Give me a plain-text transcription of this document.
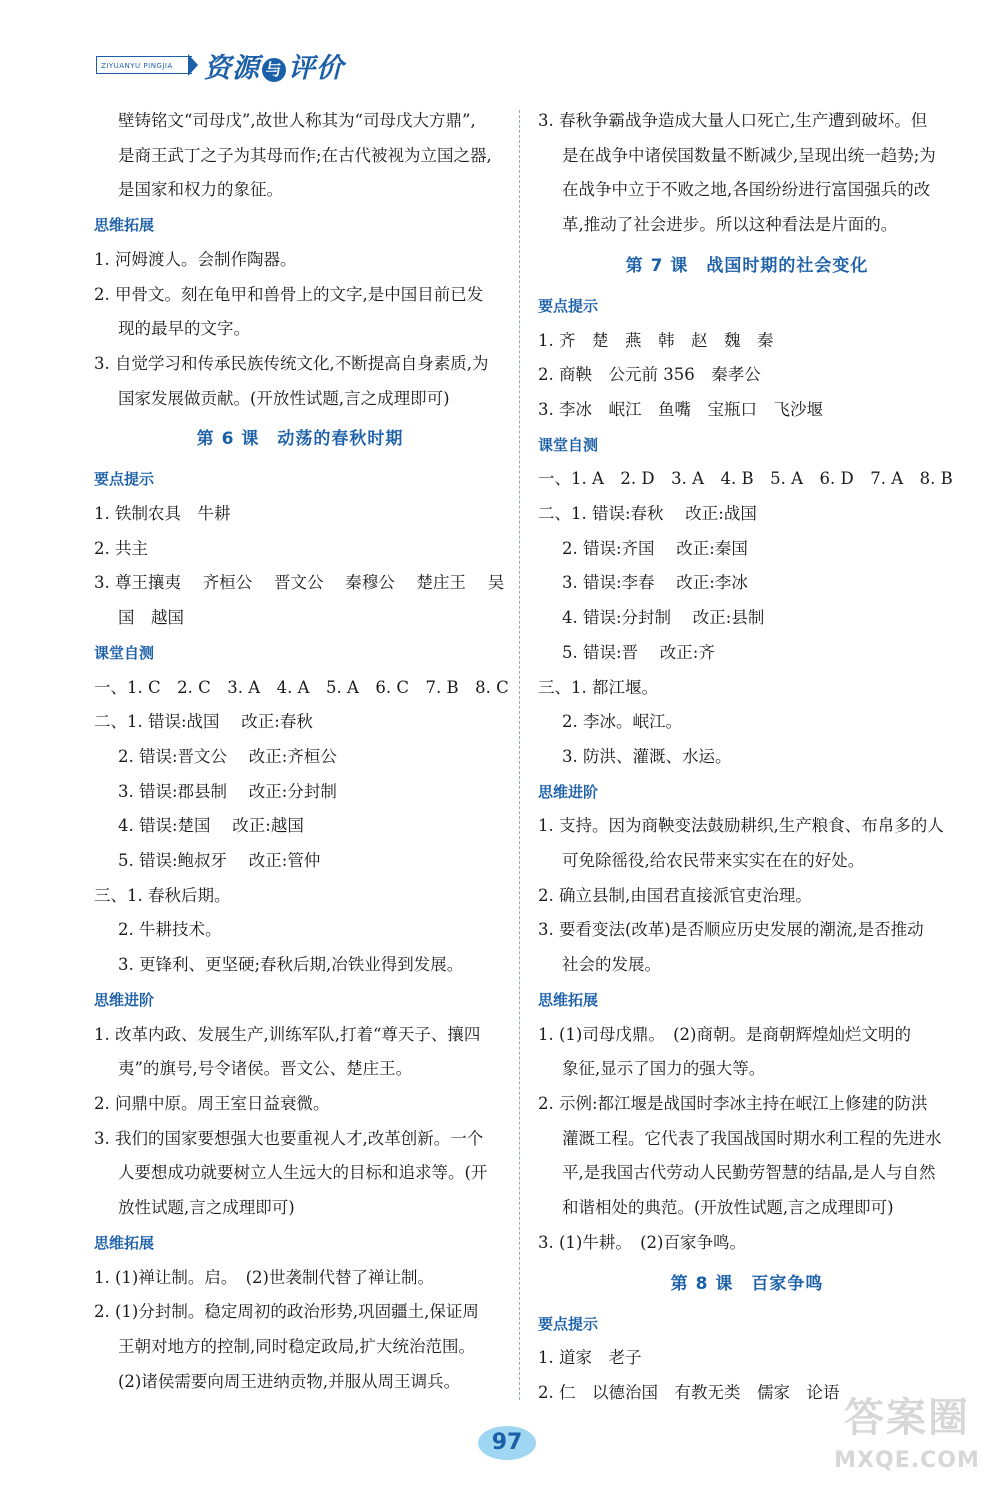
ZIYUANYU PINGJIA	资源 与 评价
壁铸铭文“司母戊”,故世人称其为“司母戊大方鼎”,
是商王武丁之子为其母而作;在古代被视为立国之器,
是国家和权力的象征。
思维拓展
1. 河姆渡人。会制作陶器。
2. 甲骨文。刻在龟甲和兽骨上的文字,是中国目前已发
现的最早的文字。
3. 自觉学习和传承民族传统文化,不断提高自身素质,为
国家发展做贡献。(开放性试题,言之成理即可)
第 6 课　动荡的春秋时期
要点提示
1. 铁制农具　牛耕
2. 共主
3. 尊王攘夷　 齐桓公　 晋文公　 秦穆公　 楚庄王　 吴
国　越国
课堂自测
一、1. C　2. C　3. A　4. A　5. A　6. C　7. B　8. C
二、1. 错误:战国　 改正:春秋
2. 错误:晋文公　 改正:齐桓公
3. 错误:郡县制　 改正:分封制
4. 错误:楚国　 改正:越国
5. 错误:鲍叔牙　 改正:管仲
三、1. 春秋后期。
2. 牛耕技术。
3. 更锋利、更坚硬;春秋后期,冶铁业得到发展。
思维进阶
1. 改革内政、发展生产,训练军队,打着“尊天子、攘四
夷”的旗号,号令诸侯。晋文公、楚庄王。
2. 问鼎中原。周王室日益衰微。
3. 我们的国家要想强大也要重视人才,改革创新。一个
人要想成功就要树立人生远大的目标和追求等。(开
放性试题,言之成理即可)
思维拓展
1. (1)禅让制。启。　(2)世袭制代替了禅让制。
2. (1)分封制。稳定周初的政治形势,巩固疆土,保证周
王朝对地方的控制,同时稳定政局,扩大统治范围。
(2)诸侯需要向周王进纳贡物,并服从周王调兵。
3. 春秋争霸战争造成大量人口死亡,生产遭到破坏。但
是在战争中诸侯国数量不断减少,呈现出统一趋势;为
在战争中立于不败之地,各国纷纷进行富国强兵的改
革,推动了社会进步。所以这种看法是片面的。
第 7 课　战国时期的社会变化
要点提示
1. 齐　楚　燕　韩　赵　魏　秦
2. 商鞅　公元前 356　秦孝公
3. 李冰　岷江　鱼嘴　宝瓶口　飞沙堰
课堂自测
一、1. A　2. D　3. A　4. B　5. A　6. D　7. A　8. B
二、1. 错误:春秋　 改正:战国
2. 错误:齐国　 改正:秦国
3. 错误:李春　 改正:李冰
4. 错误:分封制　 改正:县制
5. 错误:晋　 改正:齐
三、1. 都江堰。
2. 李冰。岷江。
3. 防洪、灌溉、水运。
思维进阶
1. 支持。因为商鞅变法鼓励耕织,生产粮食、布帛多的人
可免除徭役,给农民带来实实在在的好处。
2. 确立县制,由国君直接派官吏治理。
3. 要看变法(改革)是否顺应历史发展的潮流,是否推动
社会的发展。
思维拓展
1. (1)司母戊鼎。　(2)商朝。是商朝辉煌灿烂文明的
象征,显示了国力的强大等。
2. 示例:都江堰是战国时李冰主持在岷江上修建的防洪
灌溉工程。它代表了我国战国时期水利工程的先进水
平,是我国古代劳动人民勤劳智慧的结晶,是人与自然
和谐相处的典范。(开放性试题,言之成理即可)
3. (1)牛耕。　(2)百家争鸣。
第 8 课　百家争鸣
要点提示
1. 道家　老子
2. 仁　以德治国　有教无类　儒家　论语
97
答案圈
MXQE.COM
